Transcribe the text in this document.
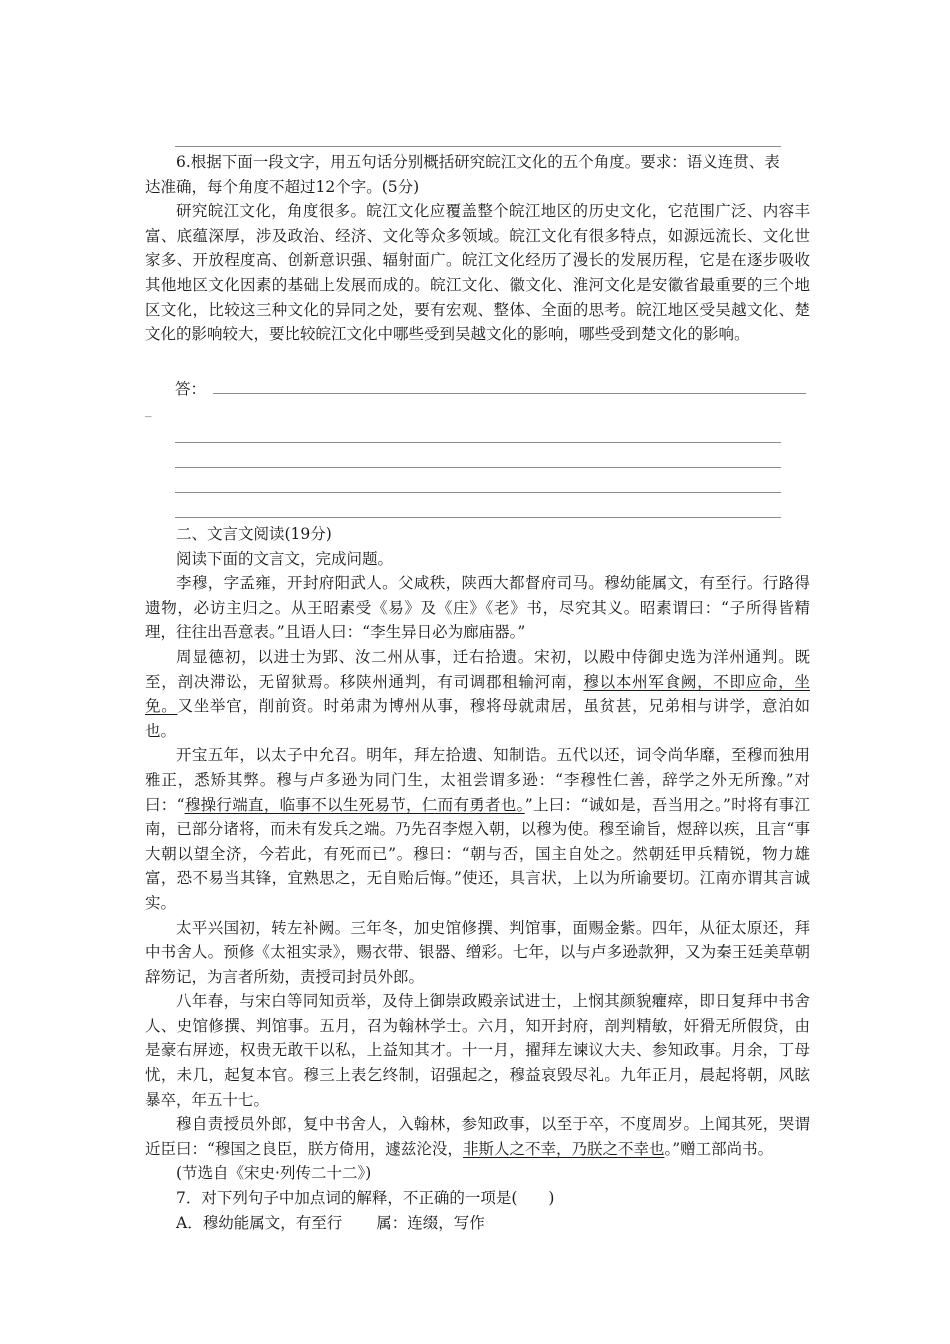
6.根据下面一段文字，用五句话分别概括研究皖江文化的五个角度。要求：语义连贯、表

达准确，每个角度不超过12个字。(5分)

研究皖江文化，角度很多。皖江文化应覆盖整个皖江地区的历史文化，它范围广泛、内容丰富、底蕴深厚，涉及政治、经济、文化等众多领域。皖江文化有很多特点，如源远流长、文化世家多、开放程度高、创新意识强、辐射面广。皖江文化经历了漫长的发展历程，它是在逐步吸收其他地区文化因素的基础上发展而成的。皖江文化、徽文化、淮河文化是安徽省最重要的三个地区文化，比较这三种文化的异同之处，要有宏观、整体、全面的思考。皖江地区受吴越文化、楚文化的影响较大，要比较皖江文化中哪些受到吴越文化的影响，哪些受到楚文化的影响。

答：
_

二、文言文阅读(19分)

阅读下面的文言文，完成问题。

李穆，字孟雍，开封府阳武人。父咸秩，陕西大都督府司马。穆幼能属文，有至行。行路得遗物，必访主归之。从王昭素受《易》及《庄》《老》书，尽究其义。昭素谓曰：“子所得皆精理，往往出吾意表。”且语人曰：“李生异日必为廊庙器。”

周显德初，以进士为郢、汝二州从事，迁右拾遗。宋初，以殿中侍御史选为洋州通判。既至，剖决滞讼，无留狱焉。移陕州通判，有司调郡租输河南，穆以本州军食阙，不即应命，坐免。又坐举官，削前资。时弟肃为博州从事，穆将母就肃居，虽贫甚，兄弟相与讲学，意泊如也。

开宝五年，以太子中允召。明年，拜左拾遗、知制诰。五代以还，词令尚华靡，至穆而独用雅正，悉矫其弊。穆与卢多逊为同门生，太祖尝谓多逊：“李穆性仁善，辞学之外无所豫。”对曰：“穆操行端直，临事不以生死易节，仁而有勇者也。”上曰：“诚如是，吾当用之。”时将有事江南，已部分诸将，而未有发兵之端。乃先召李煜入朝，以穆为使。穆至谕旨，煜辞以疾，且言“事大朝以望全济，今若此，有死而已”。穆曰：“朝与否，国主自处之。然朝廷甲兵精锐，物力雄富，恐不易当其锋，宜熟思之，无自贻后悔。”使还，具言状，上以为所谕要切。江南亦谓其言诚实。

太平兴国初，转左补阙。三年冬，加史馆修撰、判馆事，面赐金紫。四年，从征太原还，拜中书舍人。预修《太祖实录》，赐衣带、银器、缯彩。七年，以与卢多逊款狎，又为秦王廷美草朝辞笏记，为言者所劾，责授司封员外郎。

八年春，与宋白等同知贡举，及侍上御崇政殿亲试进士，上悯其颜貌癯瘁，即日复拜中书舍人、史馆修撰、判馆事。五月，召为翰林学士。六月，知开封府，剖判精敏，奸猾无所假贷，由是豪右屏迹，权贵无敢干以私，上益知其才。十一月，擢拜左谏议大夫、参知政事。月余，丁母忧，未几，起复本官。穆三上表乞终制，诏强起之，穆益哀毁尽礼。九年正月，晨起将朝，风眩暴卒，年五十七。

穆自责授员外郎，复中书舍人，入翰林，参知政事，以至于卒，不度周岁。上闻其死，哭谓近臣曰：“穆国之良臣，朕方倚用，遽兹沦没，非斯人之不幸，乃朕之不幸也。”赠工部尚书。

(节选自《宋史·列传二十二》)

7．对下列句子中加点词的解释，不正确的一项是(　　)

A．穆幼能属文，有至行 属：连缀，写作
